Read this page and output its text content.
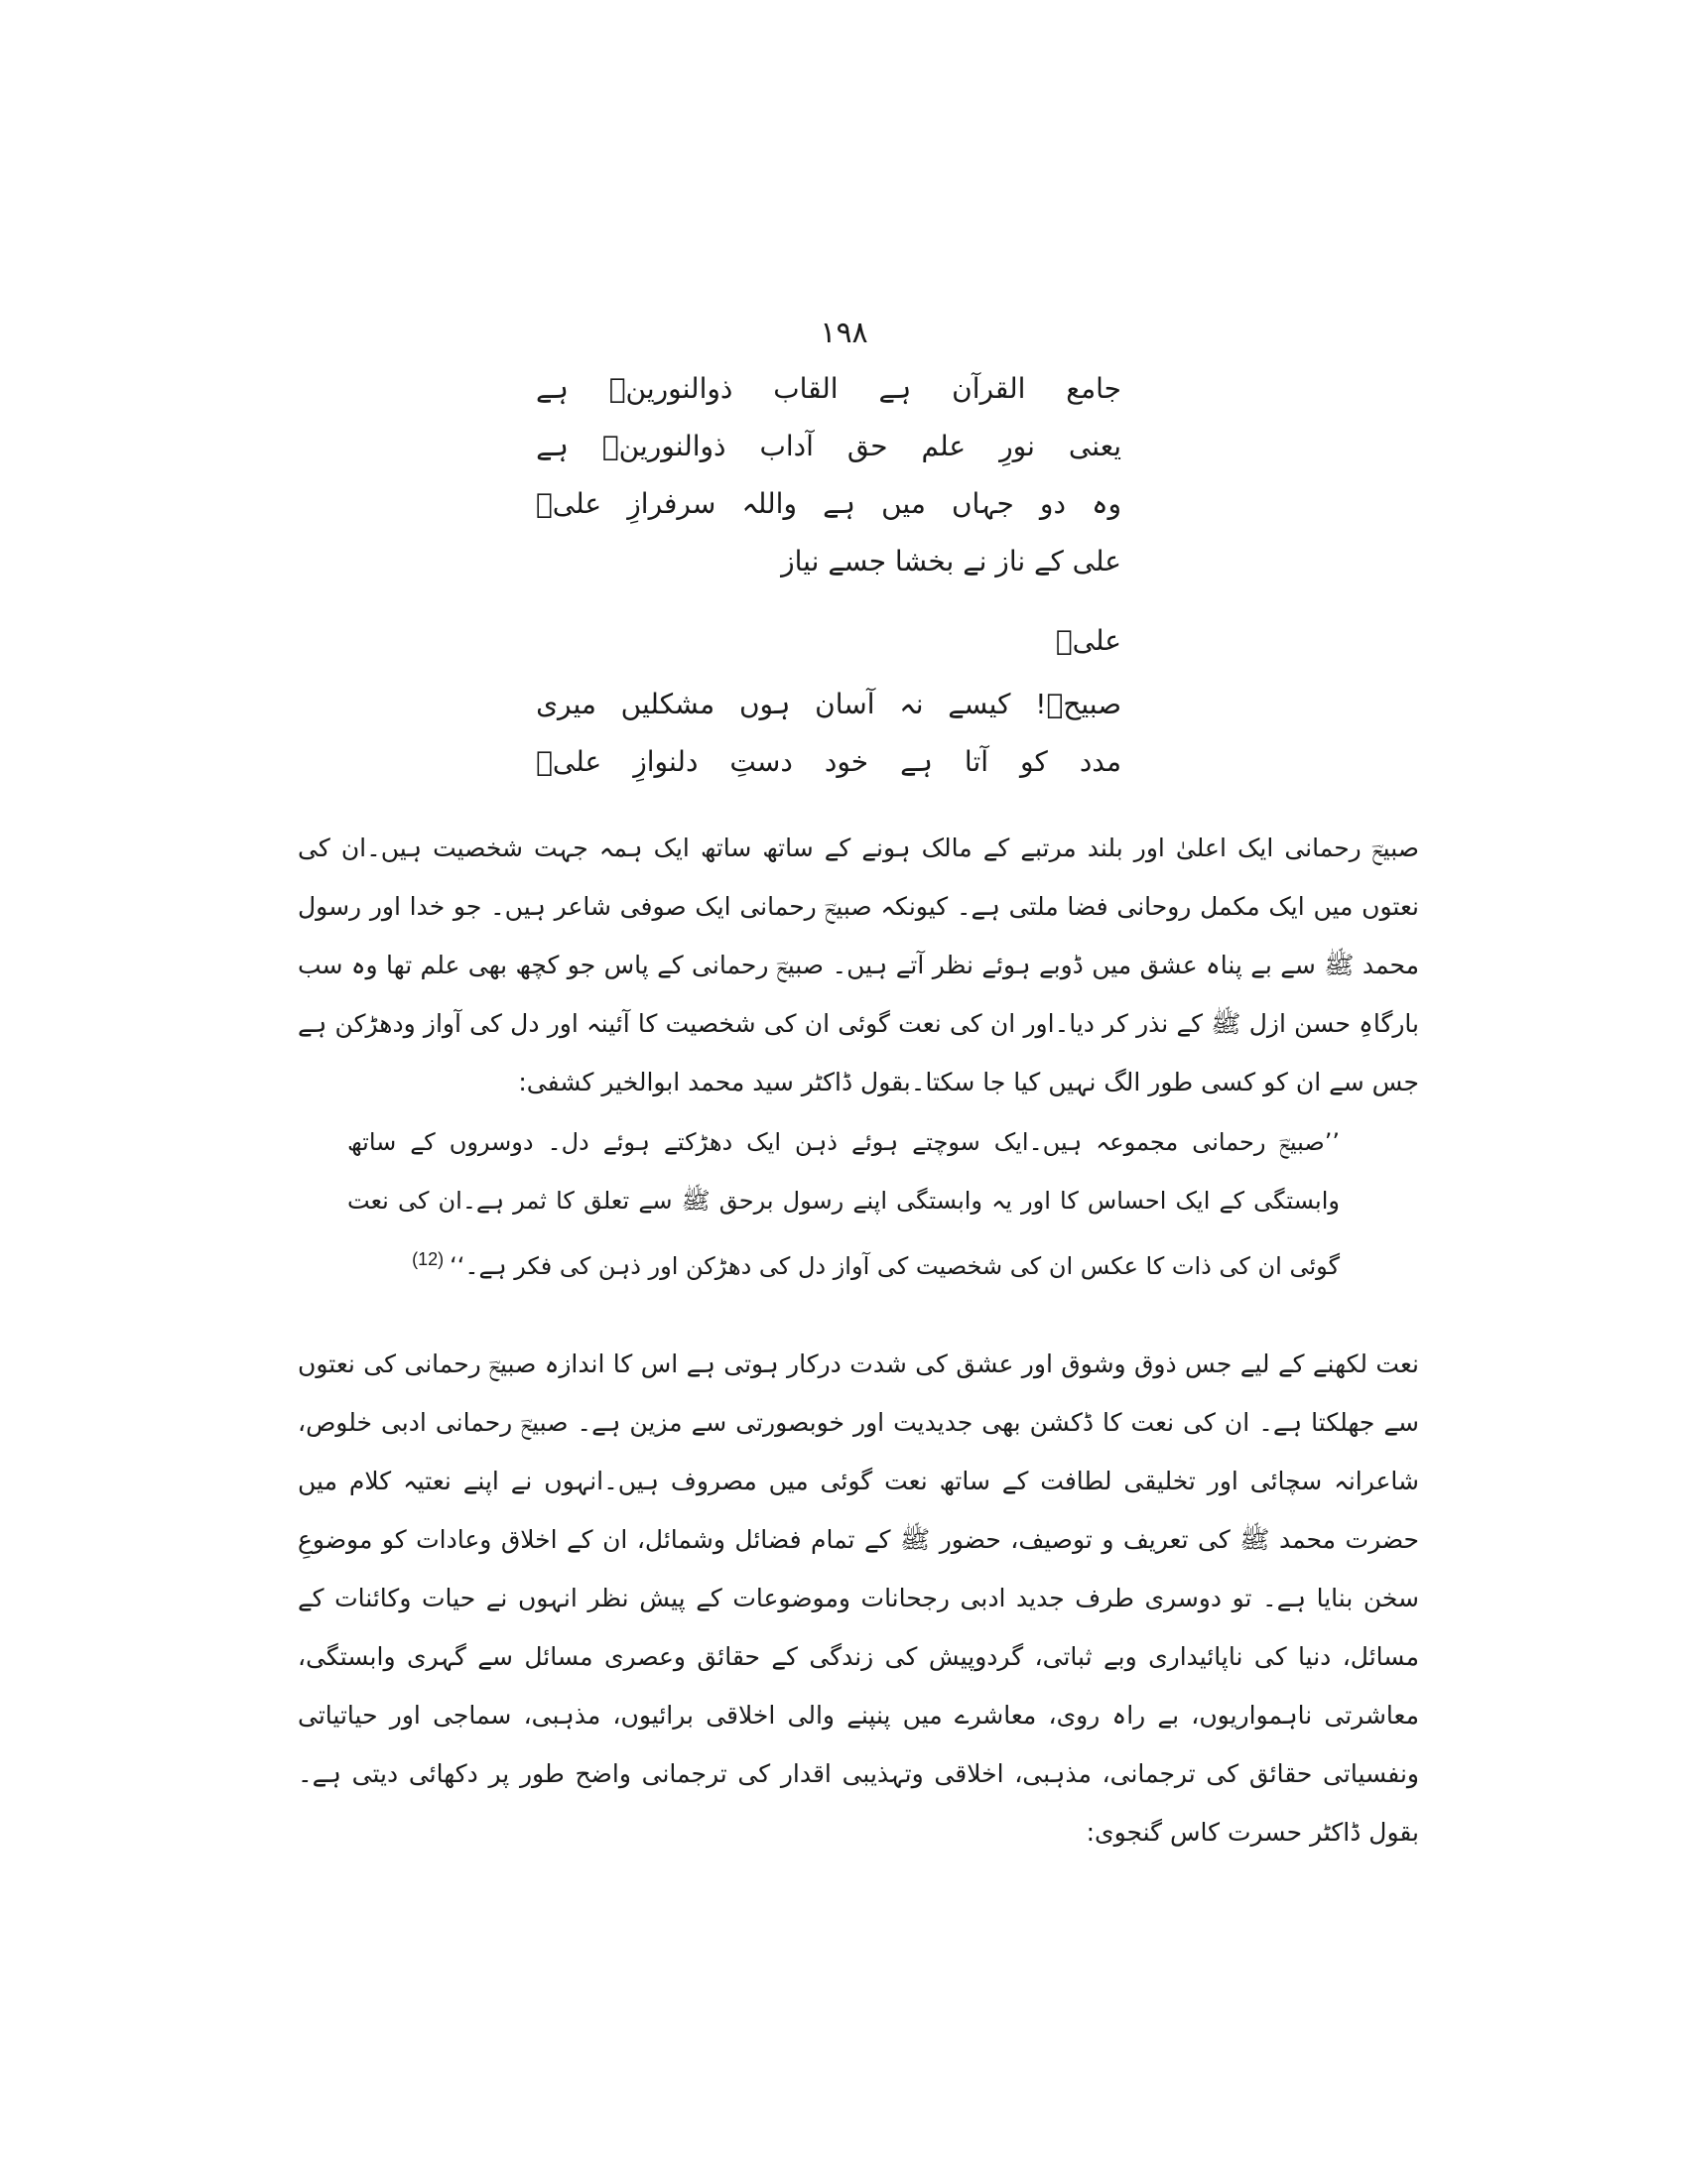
۱۹۸
جامع
القرآن
ہے
القاب
ذوالنورینؓ
ہے
یعنی
نورِ
علم
حق
آداب
ذوالنورینؓ
ہے
وہ
دو
جہاں
میں
ہے
واللہ
سرفرازِ
علیؓ
علی کے ناز نے بخشا جسے نیاز
علیؓ
صبیحؔ!
کیسے
نہ
آسان
ہوں
مشکلیں
میری
مدد
کو
آتا
ہے
خود
دستِ
دلنوازِ
علیؓ

صبیحؔ رحمانی ایک اعلیٰ اور بلند مرتبے کے مالک ہونے کے ساتھ ساتھ ایک ہمہ جہت شخصیت ہیں۔ان کی نعتوں میں ایک مکمل روحانی فضا ملتی ہے۔ کیونکہ صبیحؔ رحمانی ایک صوفی شاعر ہیں۔ جو خدا اور رسول محمد ﷺ سے بے پناہ عشق میں ڈوبے ہوئے نظر آتے ہیں۔ صبیحؔ رحمانی کے پاس جو کچھ بھی علم تھا وہ سب بارگاہِ حسن ازل ﷺ کے نذر کر دیا۔اور ان کی نعت گوئی ان کی شخصیت کا آئینہ اور دل کی آواز ودھڑکن ہے جس سے ان کو کسی طور الگ نہیں کیا جا سکتا۔بقول ڈاکٹر سید محمد ابوالخیر کشفی:

’’صبیحؔ رحمانی مجموعہ ہیں۔ایک سوچتے ہوئے ذہن ایک دھڑکتے ہوئے دل۔ دوسروں کے ساتھ وابستگی کے ایک احساس کا اور یہ وابستگی اپنے رسول برحق ﷺ سے تعلق کا ثمر ہے۔ان کی نعت گوئی ان کی ذات کا عکس ان کی شخصیت کی آواز دل کی دھڑکن اور ذہن کی فکر ہے۔‘‘$^{(12)}$

نعت لکھنے کے لیے جس ذوق وشوق اور عشق کی شدت درکار ہوتی ہے اس کا اندازہ صبیحؔ رحمانی کی نعتوں سے جھلکتا ہے۔ ان کی نعت کا ڈکشن بھی جدیدیت اور خوبصورتی سے مزین ہے۔ صبیحؔ رحمانی ادبی خلوص، شاعرانہ سچائی اور تخلیقی لطافت کے ساتھ نعت گوئی میں مصروف ہیں۔انہوں نے اپنے نعتیہ کلام میں حضرت محمد ﷺ کی تعریف و توصیف، حضور ﷺ کے تمام فضائل وشمائل، ان کے اخلاق وعادات کو موضوعِ سخن بنایا ہے۔ تو دوسری طرف جدید ادبی رجحانات وموضوعات کے پیش نظر انہوں نے حیات وکائنات کے مسائل، دنیا کی ناپائیداری وبے ثباتی، گردوپیش کی زندگی کے حقائق وعصری مسائل سے گہری وابستگی، معاشرتی ناہمواریوں، بے راہ روی، معاشرے میں پنپنے والی اخلاقی برائیوں، مذہبی، سماجی اور حیاتیاتی ونفسیاتی حقائق کی ترجمانی، مذہبی، اخلاقی وتہذیبی اقدار کی ترجمانی واضح طور پر دکھائی دیتی ہے۔بقول ڈاکٹر حسرت کاس گنجوی:
